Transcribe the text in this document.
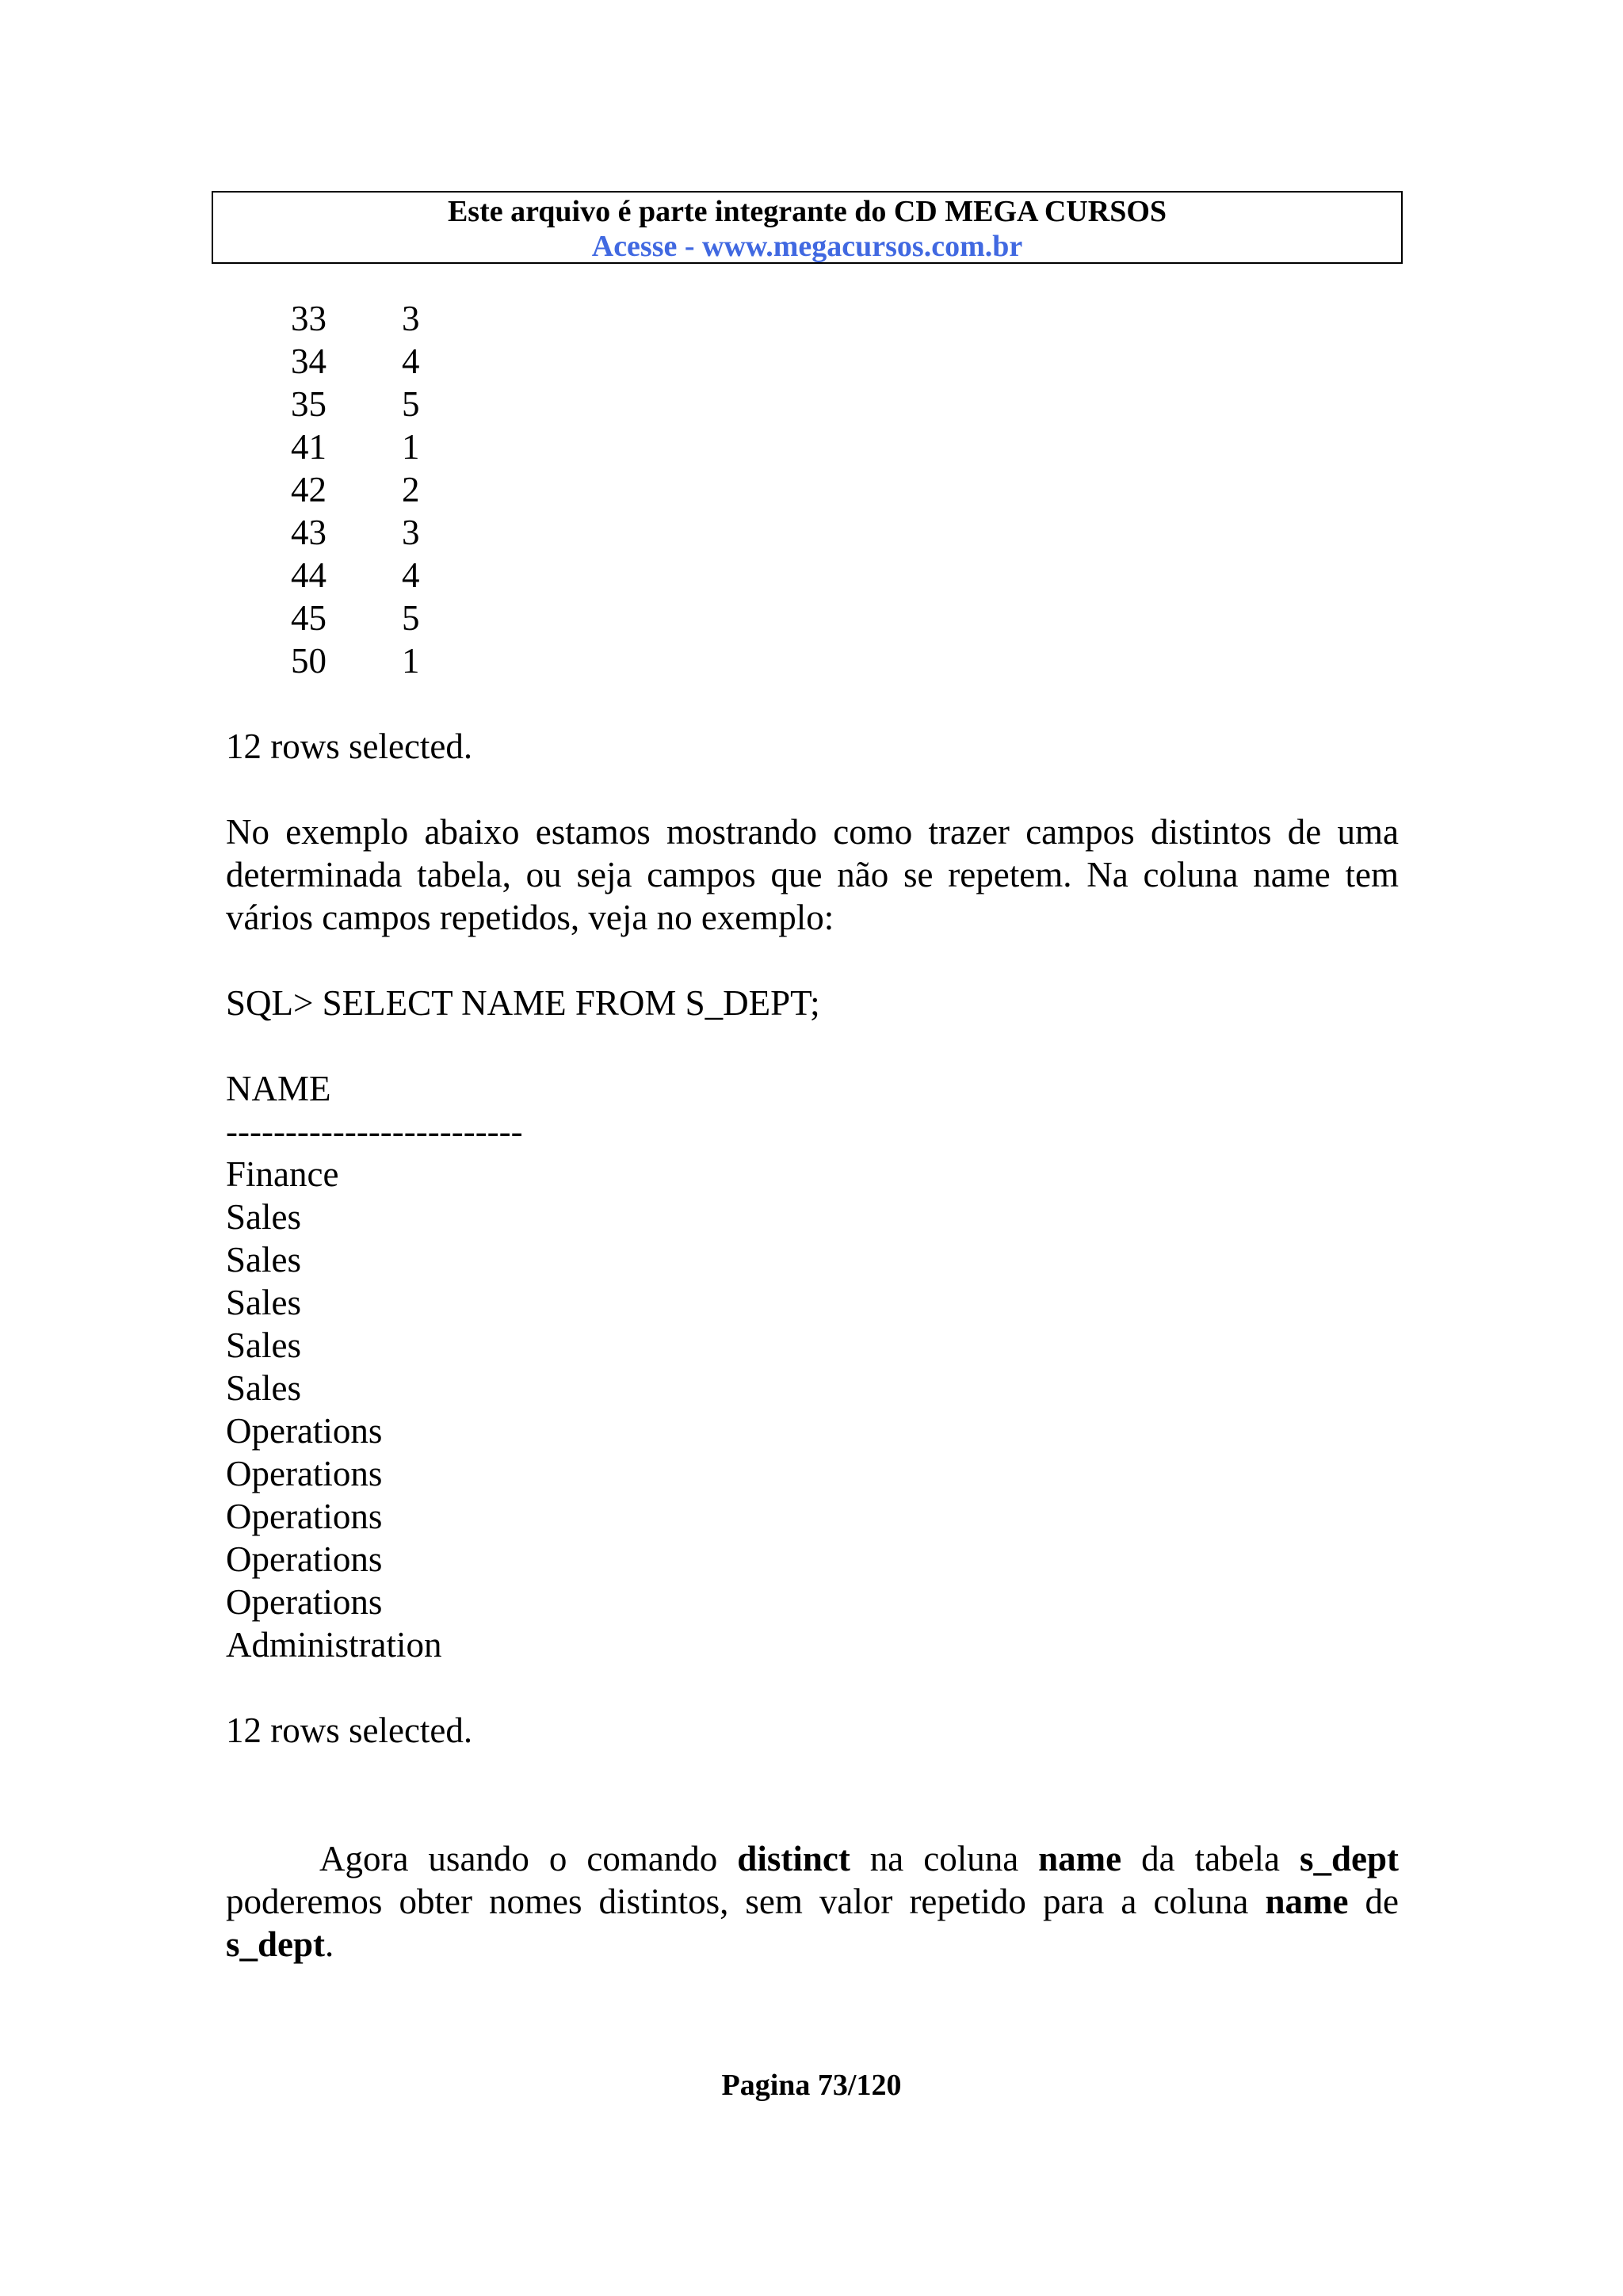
Este arquivo é parte integrante do CD MEGA CURSOS
Acesse - www.megacursos.com.br
33	3
34	4
35	5
41	1
42	2
43	3
44	4
45	5
50	1

12 rows selected.

No exemplo abaixo estamos mostrando como trazer campos distintos de uma determinada tabela, ou seja campos que não se repetem. Na coluna name tem vários campos repetidos, veja no exemplo:

SQL> SELECT NAME FROM S_DEPT;

NAME

-------------------------

Finance

Sales

Sales

Sales

Sales

Sales

Operations

Operations

Operations

Operations

Operations

Administration

12 rows selected.

Agora usando o comando distinct na coluna name da tabela s_dept poderemos obter nomes distintos, sem valor repetido para a coluna name de s_dept.

Pagina 73/120
